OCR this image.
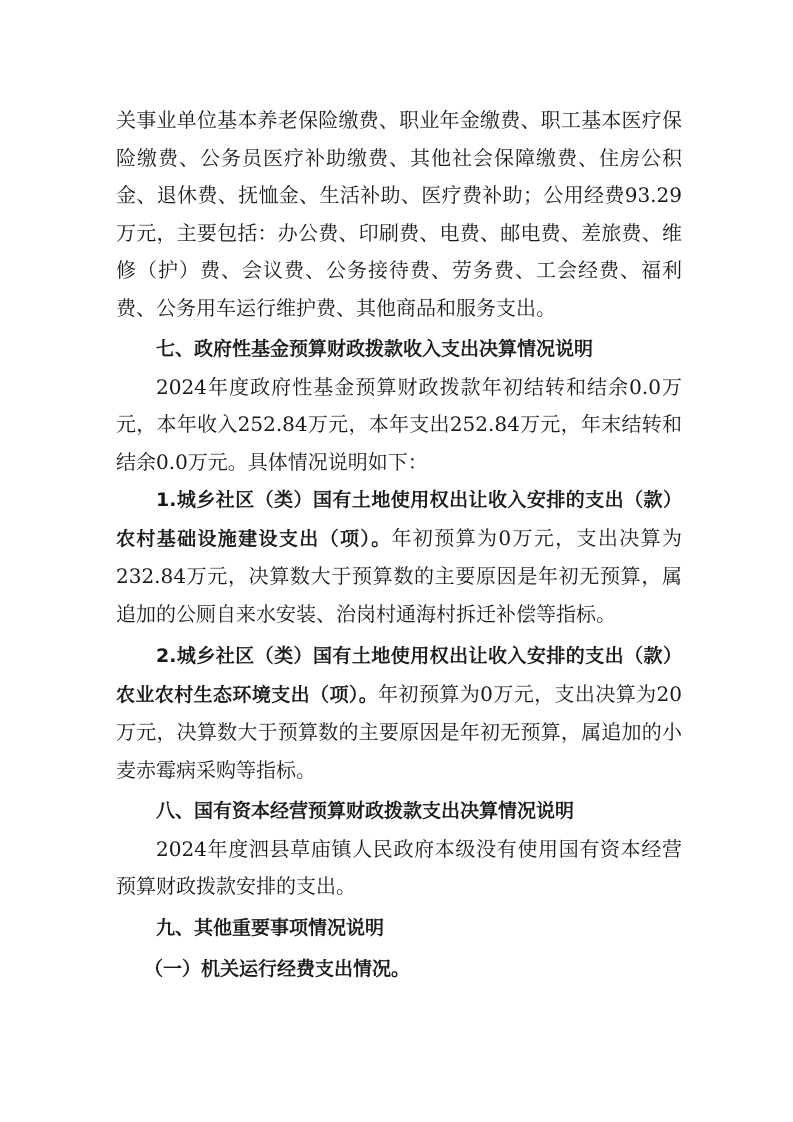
关事业单位基本养老保险缴费、职业年金缴费、职工基本医疗保险缴费、公务员医疗补助缴费、其他社会保障缴费、住房公积金、退休费、抚恤金、生活补助、医疗费补助；公用经费93.29万元，主要包括：办公费、印刷费、电费、邮电费、差旅费、维修（护）费、会议费、公务接待费、劳务费、工会经费、福利费、公务用车运行维护费、其他商品和服务支出。

七、政府性基金预算财政拨款收入支出决算情况说明

2024年度政府性基金预算财政拨款年初结转和结余0.0万元，本年收入252.84万元，本年支出252.84万元，年末结转和结余0.0万元。具体情况说明如下：

1.城乡社区（类）国有土地使用权出让收入安排的支出（款）农村基础设施建设支出（项）。年初预算为0万元，支出决算为232.84万元，决算数大于预算数的主要原因是年初无预算，属追加的公厕自来水安装、治岗村通海村拆迁补偿等指标。

2.城乡社区（类）国有土地使用权出让收入安排的支出（款）农业农村生态环境支出（项）。年初预算为0万元，支出决算为20万元，决算数大于预算数的主要原因是年初无预算，属追加的小麦赤霉病采购等指标。

八、国有资本经营预算财政拨款支出决算情况说明

2024年度泗县草庙镇人民政府本级没有使用国有资本经营预算财政拨款安排的支出。

九、其他重要事项情况说明

（一）机关运行经费支出情况。
